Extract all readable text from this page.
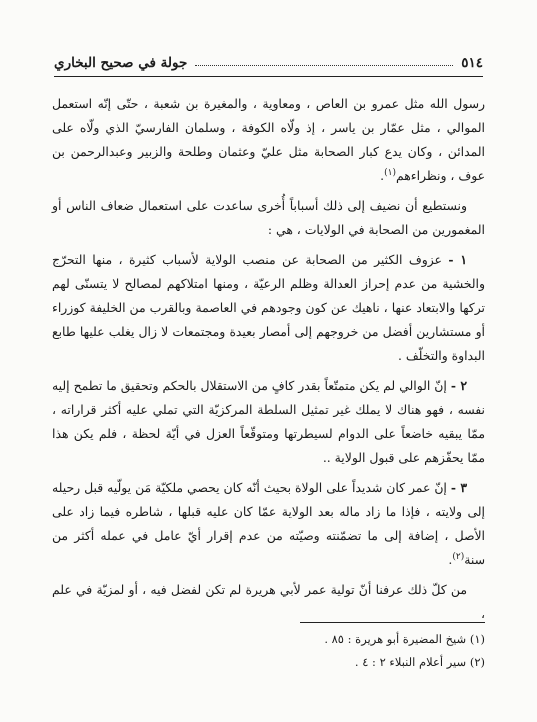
٥١٤
جولة في صحيح البخاري

رسول الله مثل عمرو بن العاص ، ومعاوية ، والمغيرة بن شعبة ، حتّى إنّه استعمل الموالي ، مثل عمّار بن ياسر ، إذ ولّاه الكوفة ، وسلمان الفارسيّ الذي ولّاه على المدائن ، وكان يدع كبار الصحابة مثل عليّ وعثمان وطلحة والزبير وعبدالرحمن بن عوف ، ونظراءهم$^{(١)}$.

ونستطيع أن نضيف إلى ذلك أسباباً أُخرى ساعدت على استعمال ضعاف الناس أو المغمورين من الصحابة في الولايات ، هي :

١ - عزوف الكثير من الصحابة عن منصب الولاية لأسباب كثيرة ، منها التحرّج والخشية من عدم إحراز العدالة وظلم الرعيّة ، ومنها امتلاكهم لمصالح لا يتسنّى لهم تركها والابتعاد عنها ، ناهيك عن كون وجودهم في العاصمة وبالقرب من الخليفة كوزراء أو مستشارين أفضل من خروجهم إلى أمصار بعيدة ومجتمعات لا زال يغلب عليها طابع البداوة والتخلّف .

٢ - إنّ الوالي لم يكن متمتّعاً بقدر كافٍ من الاستقلال بالحكم وتحقيق ما تطمح إليه نفسه ، فهو هناك لا يملك غير تمثيل السلطة المركزيّة التي تملي عليه أكثر قراراته ، ممّا يبقيه خاضعاً على الدوام لسيطرتها ومتوقّعاً العزل في أيّة لحظة ، فلم يكن هذا ممّا يحفّزهم على قبول الولاية ..

٣ - إنّ عمر كان شديداً على الولاة بحيث أنّه كان يحصي ملكيّة مَن يولّيه قبل رحيله إلى ولايته ، فإذا ما زاد ماله بعد الولاية عمّا كان عليه قبلها ، شاطره فيما زاد على الأصل ، إضافة إلى ما تضمّنته وصيّته من عدم إقرار أيّ عامل في عمله أكثر من سنة$^{(٢)}$.

من كلّ ذلك عرفنا أنّ تولية عمر لأبي هريرة لم تكن لفضل فيه ، أو لمزيّة في علم ،

(١) شيخ المضيرة أبو هريرة : ٨٥ .
(٢) سير أعلام النبلاء ٢ : ٤ .
